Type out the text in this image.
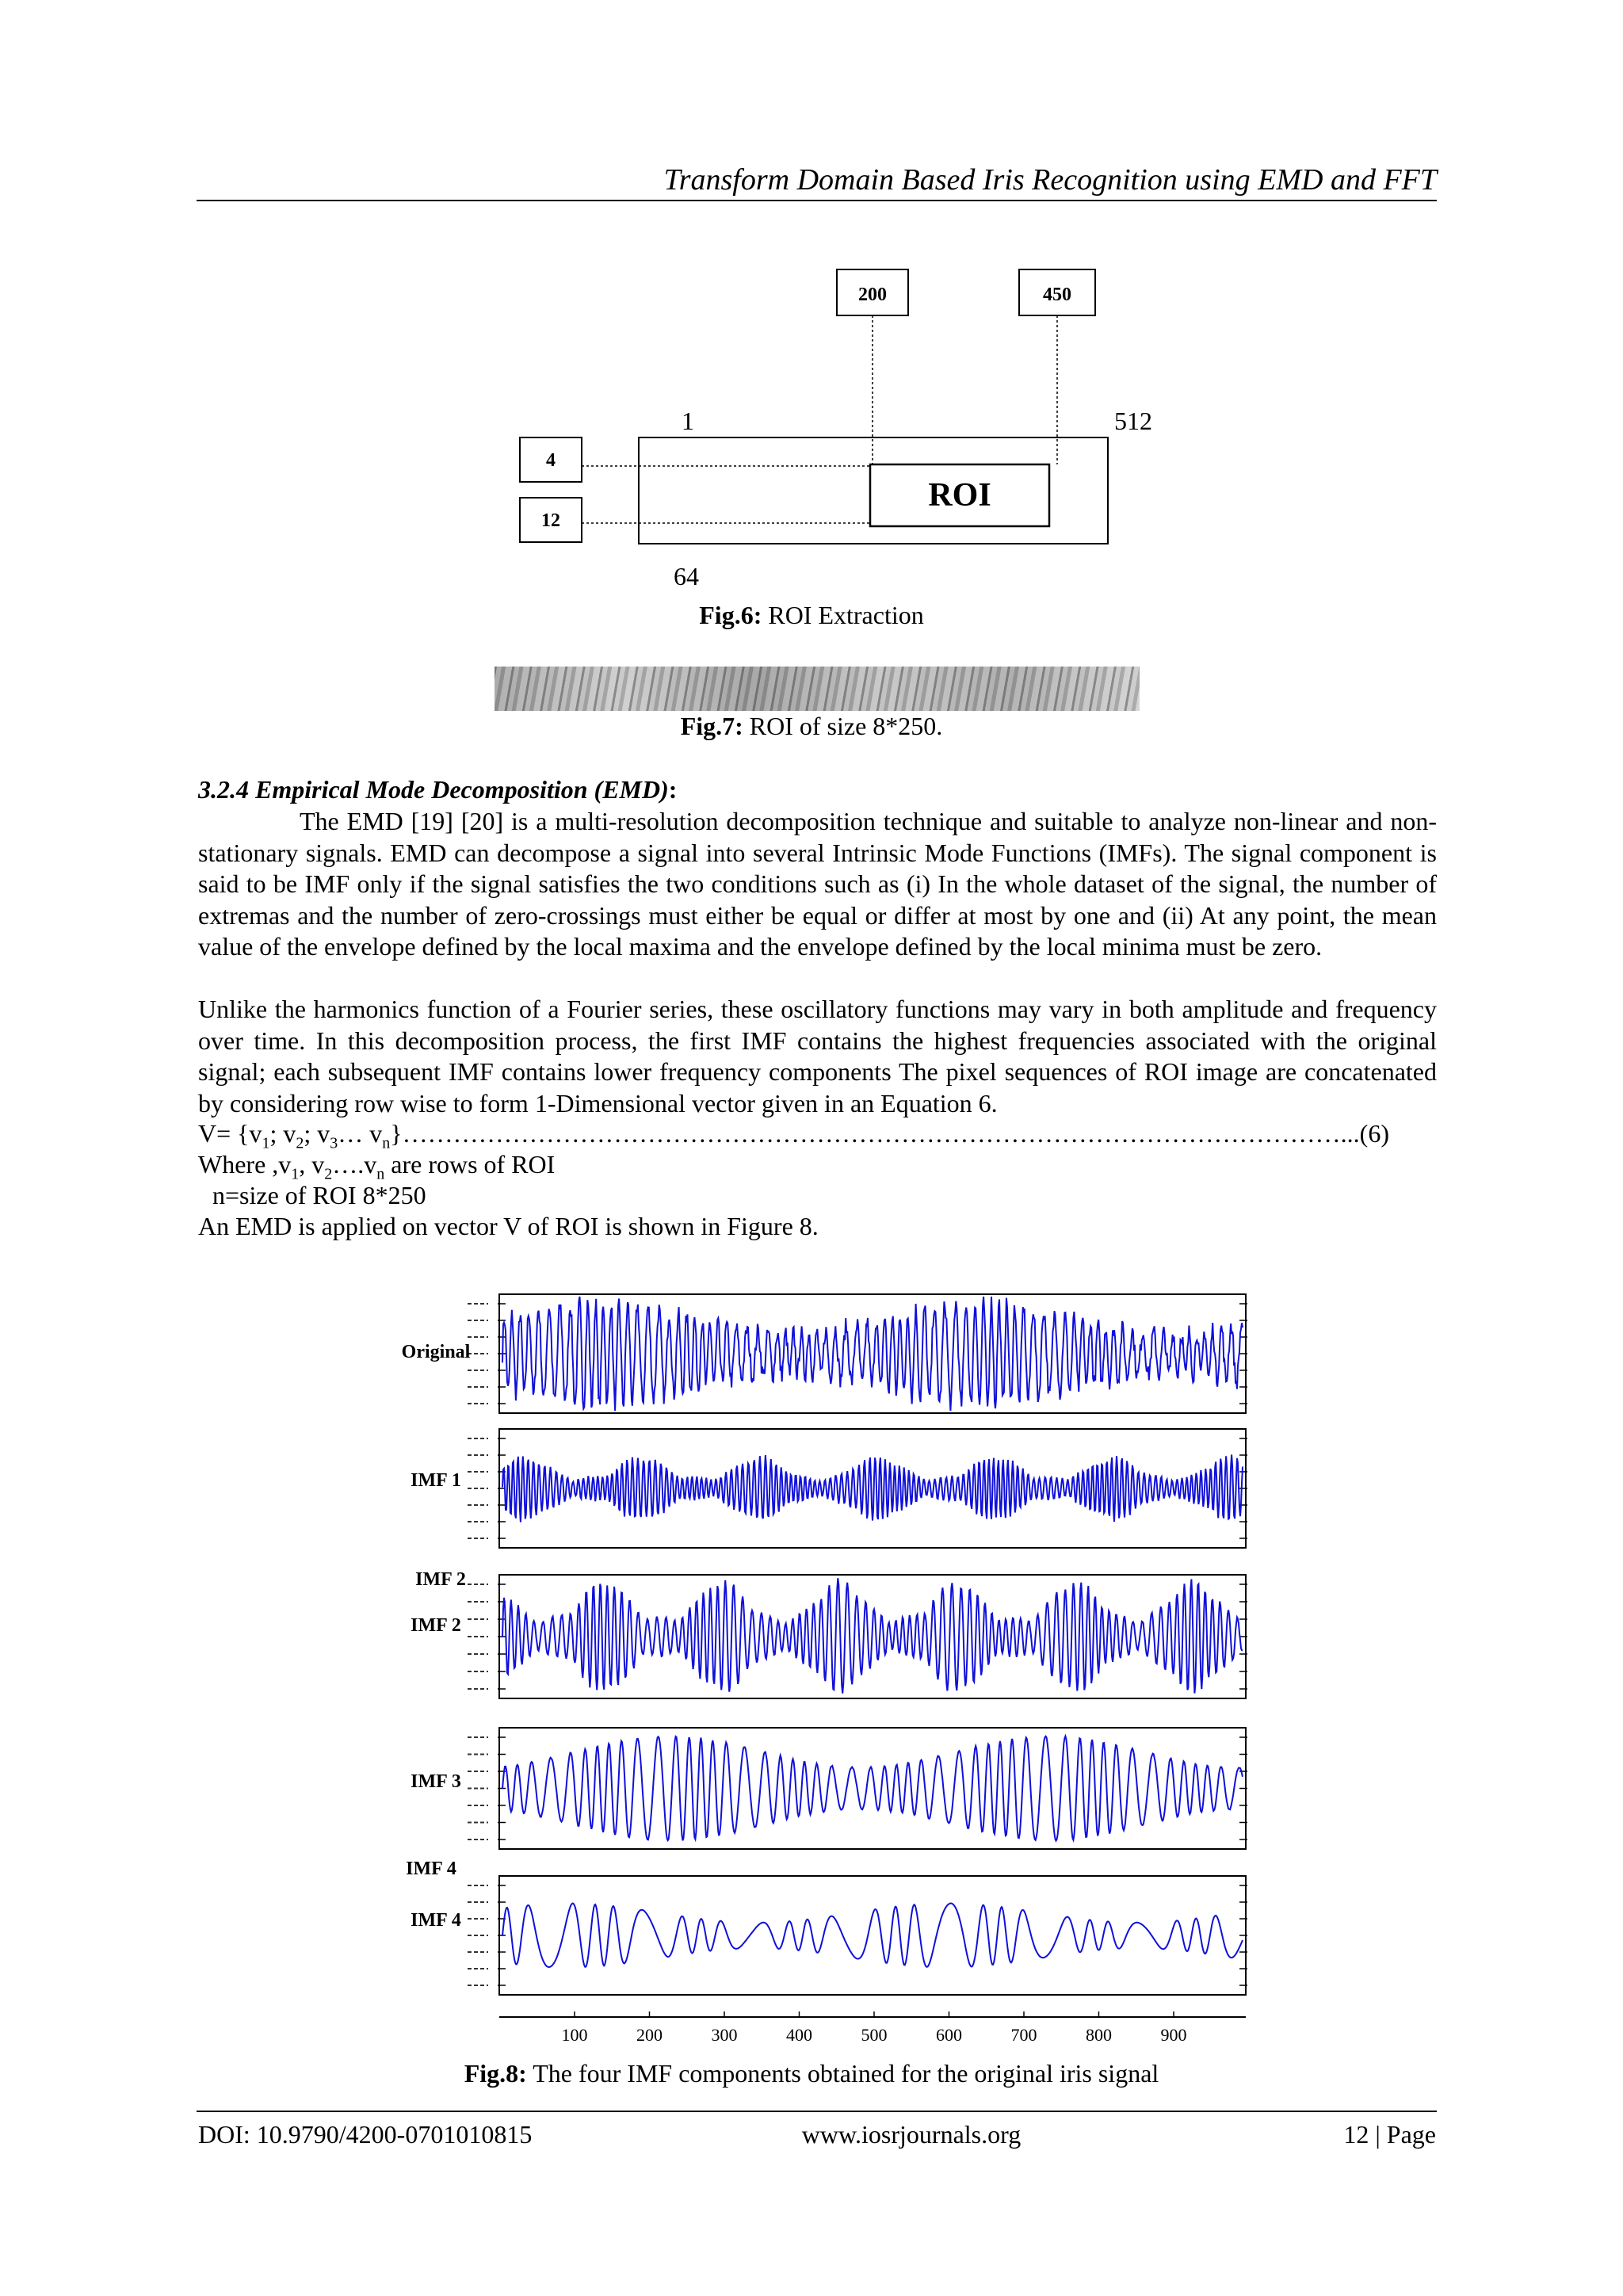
Transform Domain Based Iris Recognition using EMD and FFT
200	450
1	512
4
12
64
ROI
Fig.6: ROI Extraction
Fig.7: ROI of size 8*250.
3.2.4 Empirical Mode Decomposition (EMD):

The EMD [19] [20] is a multi-resolution decomposition technique and suitable to analyze non-linear and non-stationary signals. EMD can decompose a signal into several Intrinsic Mode Functions (IMFs). The signal component is said to be IMF only if the signal satisfies the two conditions such as (i) In the whole dataset of the signal, the number of extremas and the number of zero-crossings must either be equal or differ at most by one and (ii) At any point, the mean value of the envelope defined by the local maxima and the envelope defined by the local minima must be zero.

Unlike the harmonics function of a Fourier series, these oscillatory functions may vary in both amplitude and frequency over time. In this decomposition process, the first IMF contains the highest frequencies associated with the original signal; each subsequent IMF contains lower frequency components The pixel sequences of ROI image are concatenated by considering row wise to form 1-Dimensional vector given in an Equation 6.

$V= \{v_1$; $v_2$; $v_3\dots$ $v_n\}\dots\dots\dots\dots\dots\dots\dots\dots\dots\dots\dots\dots\dots\dots\dots\dots\dots\dots\dots\dots\dots\dots\dots\dots\dots\dots\dots\dots\dots\dots\dots\dots\dots\dots\dots\dots\dots...(6)$
Where $,v_1$, $v_2\dots.v_n$ are rows of ROI
n=size of ROI 8*250
An EMD is applied on vector V of ROI is shown in Figure 8.
Original
IMF 1
IMF 2
IMF 3
IMF 4
IMF 2
IMF 4
100	200	300	400	500	600	700	800	900
Fig.8: The four IMF components obtained for the original iris signal
DOI: 10.9790/4200-0701010815	www.iosrjournals.org	12 | Page
